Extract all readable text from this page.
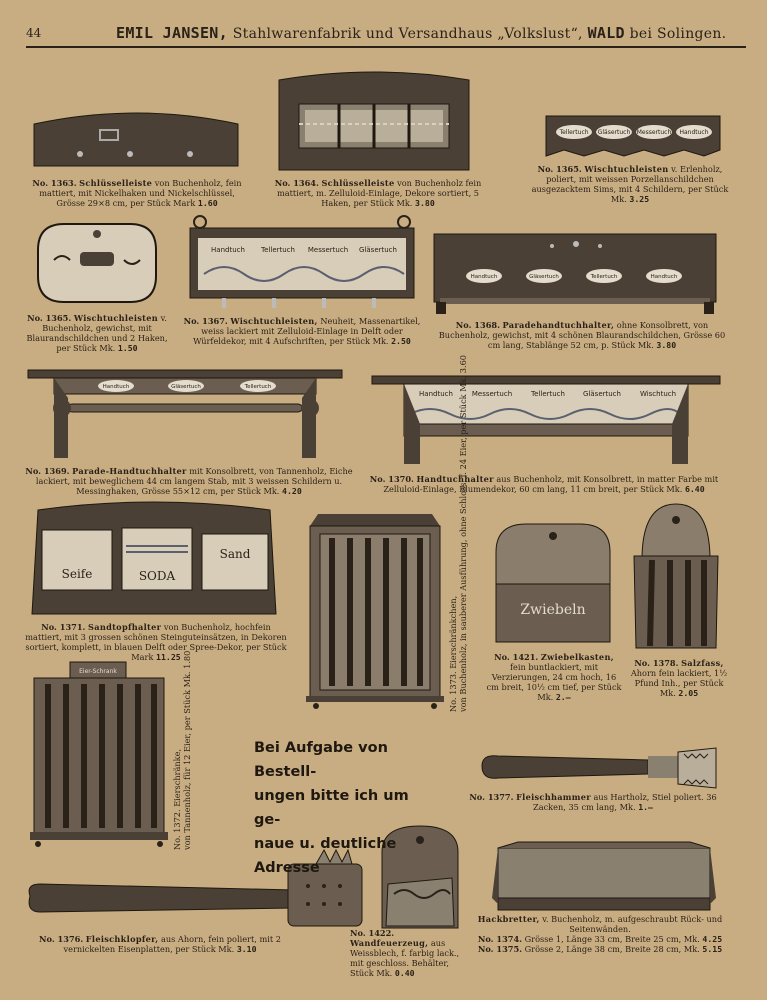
44	EMIL JANSEN, Stahlwarenfabrik und Versandhaus „Volkslust“, WALD bei Solingen.
Tellertuch Gläsertuch Messertuch Handtuch
No. 1363. Schlüsselleiste von Buchenholz, fein mattiert, mit Nickelhaken und Nickelschlüssel, Grösse 29×8 cm, per Stück Mark 1.60
No. 1364. Schlüsselleiste von Buchenholz fein mattiert, m. Zelluloid-Einlage, Dekore sortiert, 5 Haken, per Stück Mk. 3.80
No. 1365. Wischtuchleisten v. Erlenholz, poliert, mit weissen Porzellanschildchen ausgezacktem Sims, mit 4 Schildern, per Stück Mk. 3.25
Handtuch Tellertuch Messertuch Gläsertuch
Handtuch	Gläsertuch	Tellertuch	Handtuch
No. 1365. Wischtuchleisten v. Buchenholz, gewichst, mit Blaurandschildchen und 2 Haken, per Stück Mk. 1.50
No. 1367. Wischtuchleisten, Neuheit, Massenartikel, weiss lackiert mit Zelluloid-Einlage in Delft oder Würfeldekor, mit 4 Aufschriften, per Stück Mk. 2.50
No. 1368. Paradehandtuchhalter, ohne Konsolbrett, von Buchenholz, gewichst, mit 4 schönen Blaurandschildchen, Grösse 60 cm lang, Stablänge 52 cm, p. Stück Mk. 3.80
Handtuch	Gläsertuch	Tellertuch
Handtuch	Messertuch	Tellertuch	Gläsertuch	Wischtuch
No. 1369. Parade-Handtuchhalter mit Konsolbrett, von Tannenholz, Eiche lackiert, mit beweglichem 44 cm langem Stab, mit 3 weissen Schildern u. Messinghaken, Grösse 55×12 cm, per Stück Mk. 4.20
No. 1370. Handtuchhalter aus Buchenholz, mit Konsolbrett, in matter Farbe mit Zelluloid-Einlage, Blumendekor, 60 cm lang, 11 cm breit, per Stück Mk. 6.40
Seife	SODA
Sand
Zwiebeln
No. 1371. Sandtopfhalter von Buchenholz, hochfein mattiert, mit 3 grossen schönen Steinguteinsätzen, in Dekoren sortiert, komplett, in blauen Delft oder Spree-Dekor, per Stück Mark 11.25
No. 1373. Eierschränkchen,
von Buchenholz, in sauberer Ausführung, ohne Schloss, f. 24 Eier, per Stück Mk. 3.60
No. 1421. Zwiebelkasten, fein buntlackiert, mit Verzierungen, 24 cm hoch, 16 cm breit, 10½ cm tief, per Stück Mk. 2.—
No. 1378. Salzfass, Ahorn fein lackiert, 1½ Pfund Inh., per Stück Mk. 2.05
Eier-Schrank
No. 1372. Eierschränke,
von Tannenholz, für 12 Eier, per Stück Mk. 1.80
Bei Aufgabe von Bestell-
ungen bitte ich um ge-
naue u. deutliche Adresse
No. 1377. Fleischhammer aus Hartholz, Stiel poliert. 36 Zacken, 35 cm lang, Mk. 1.—
No. 1376. Fleischklopfer, aus Ahorn, fein poliert, mit 2 vernickelten Eisenplatten, per Stück Mk. 3.10
No. 1422. Wandfeuerzeug, aus Weissblech, f. farbig lack., mit geschloss. Behälter, Stück Mk. 0.40
Hackbretter, v. Buchenholz, m. aufgeschraubt Rück- und Seitenwänden.
No. 1374. Grösse 1, Länge 33 cm, Breite 25 cm, Mk. 4.25
No. 1375. Grösse 2, Länge 38 cm, Breite 28 cm, Mk. 5.15
